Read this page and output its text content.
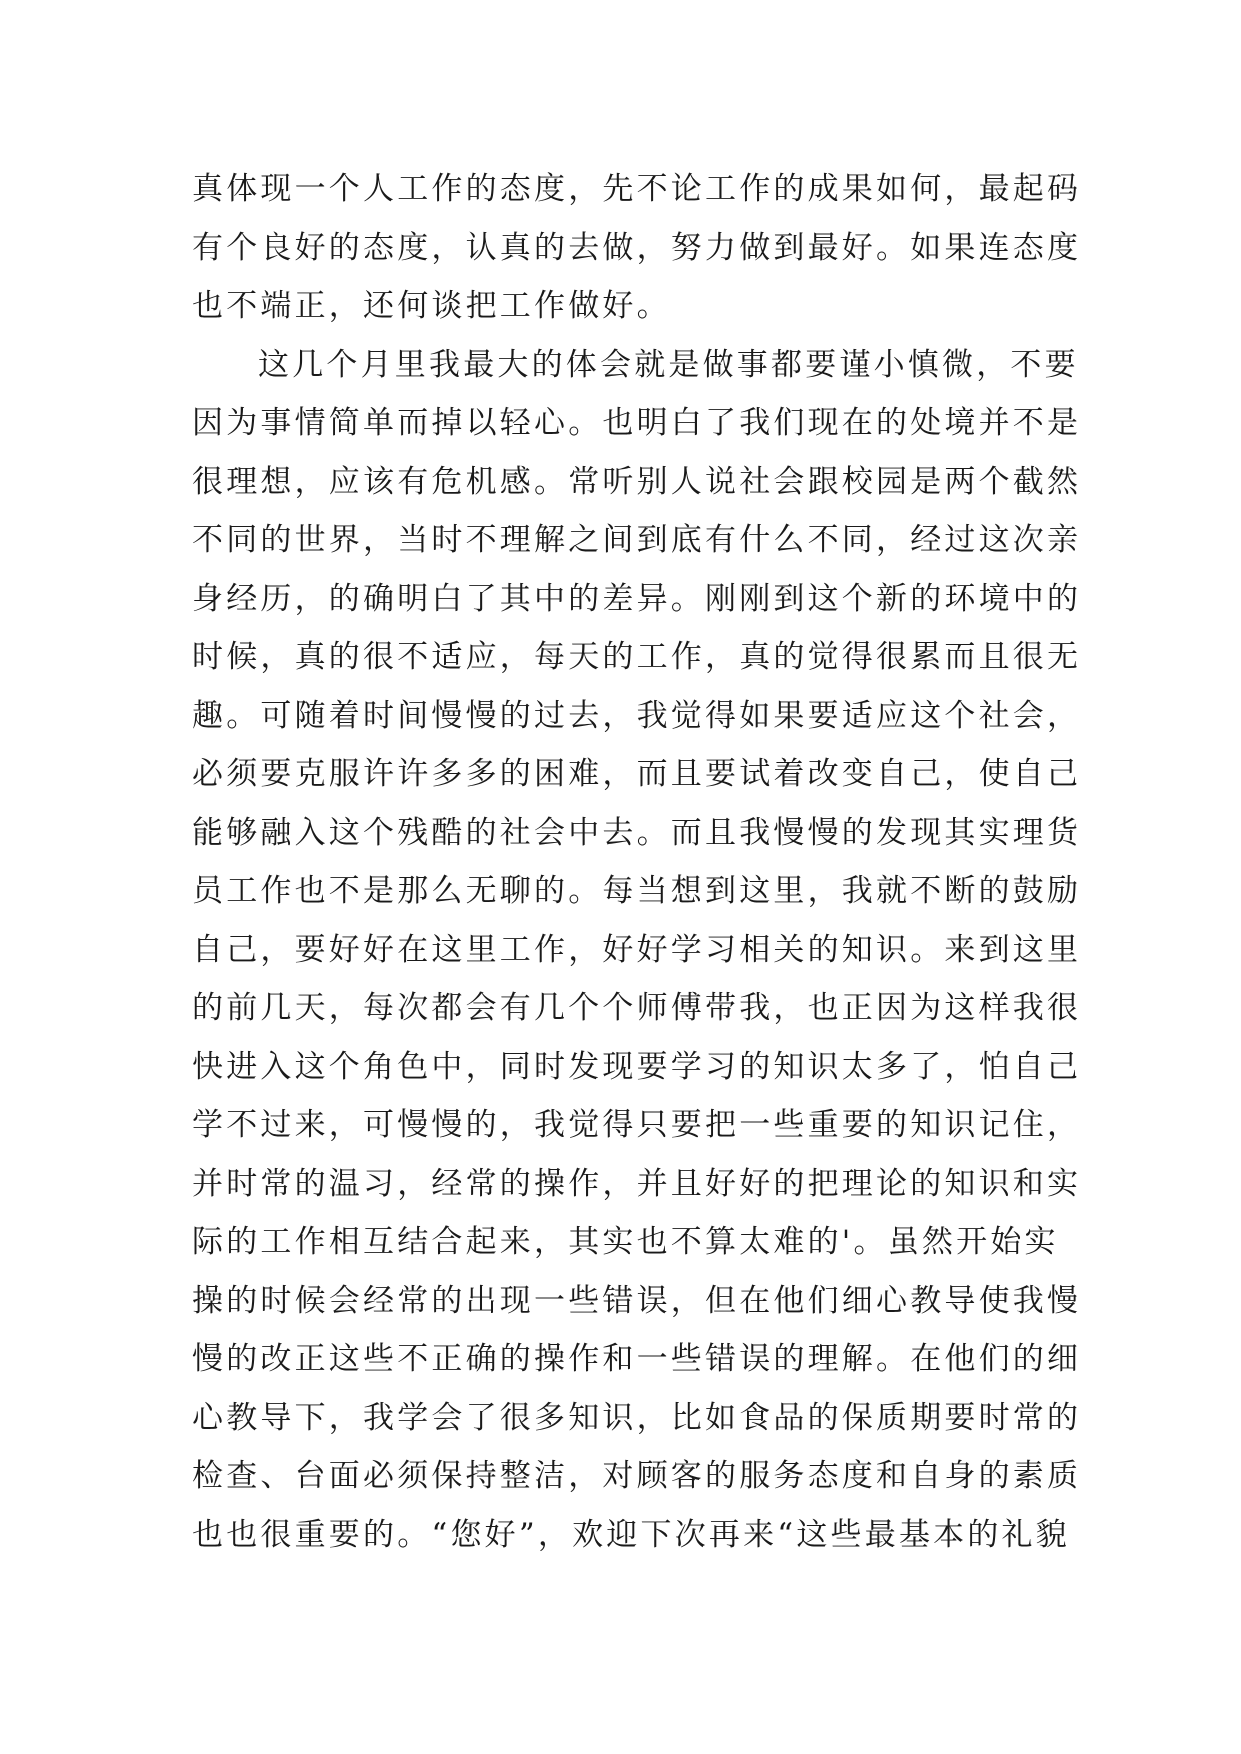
真体现一个人工作的态度，先不论工作的成果如何，最起码
有个良好的态度，认真的去做，努力做到最好。如果连态度
也不端正，还何谈把工作做好。
这几个月里我最大的体会就是做事都要谨小慎微，不要
因为事情简单而掉以轻心。也明白了我们现在的处境并不是
很理想，应该有危机感。常听别人说社会跟校园是两个截然
不同的世界，当时不理解之间到底有什么不同，经过这次亲
身经历，的确明白了其中的差异。刚刚到这个新的环境中的
时候，真的很不适应，每天的工作，真的觉得很累而且很无
趣。可随着时间慢慢的过去，我觉得如果要适应这个社会，
必须要克服许许多多的困难，而且要试着改变自己，使自己
能够融入这个残酷的社会中去。而且我慢慢的发现其实理货
员工作也不是那么无聊的。每当想到这里，我就不断的鼓励
自己，要好好在这里工作，好好学习相关的知识。来到这里
的前几天，每次都会有几个个师傅带我，也正因为这样我很
快进入这个角色中，同时发现要学习的知识太多了，怕自己
学不过来，可慢慢的，我觉得只要把一些重要的知识记住，
并时常的温习，经常的操作，并且好好的把理论的知识和实
际的工作相互结合起来，其实也不算太难的'。虽然开始实
操的时候会经常的出现一些错误，但在他们细心教导使我慢
慢的改正这些不正确的操作和一些错误的理解。在他们的细
心教导下，我学会了很多知识，比如食品的保质期要时常的
检查、台面必须保持整洁，对顾客的服务态度和自身的素质
也也很重要的。“您好”，欢迎下次再来“这些最基本的礼貌
